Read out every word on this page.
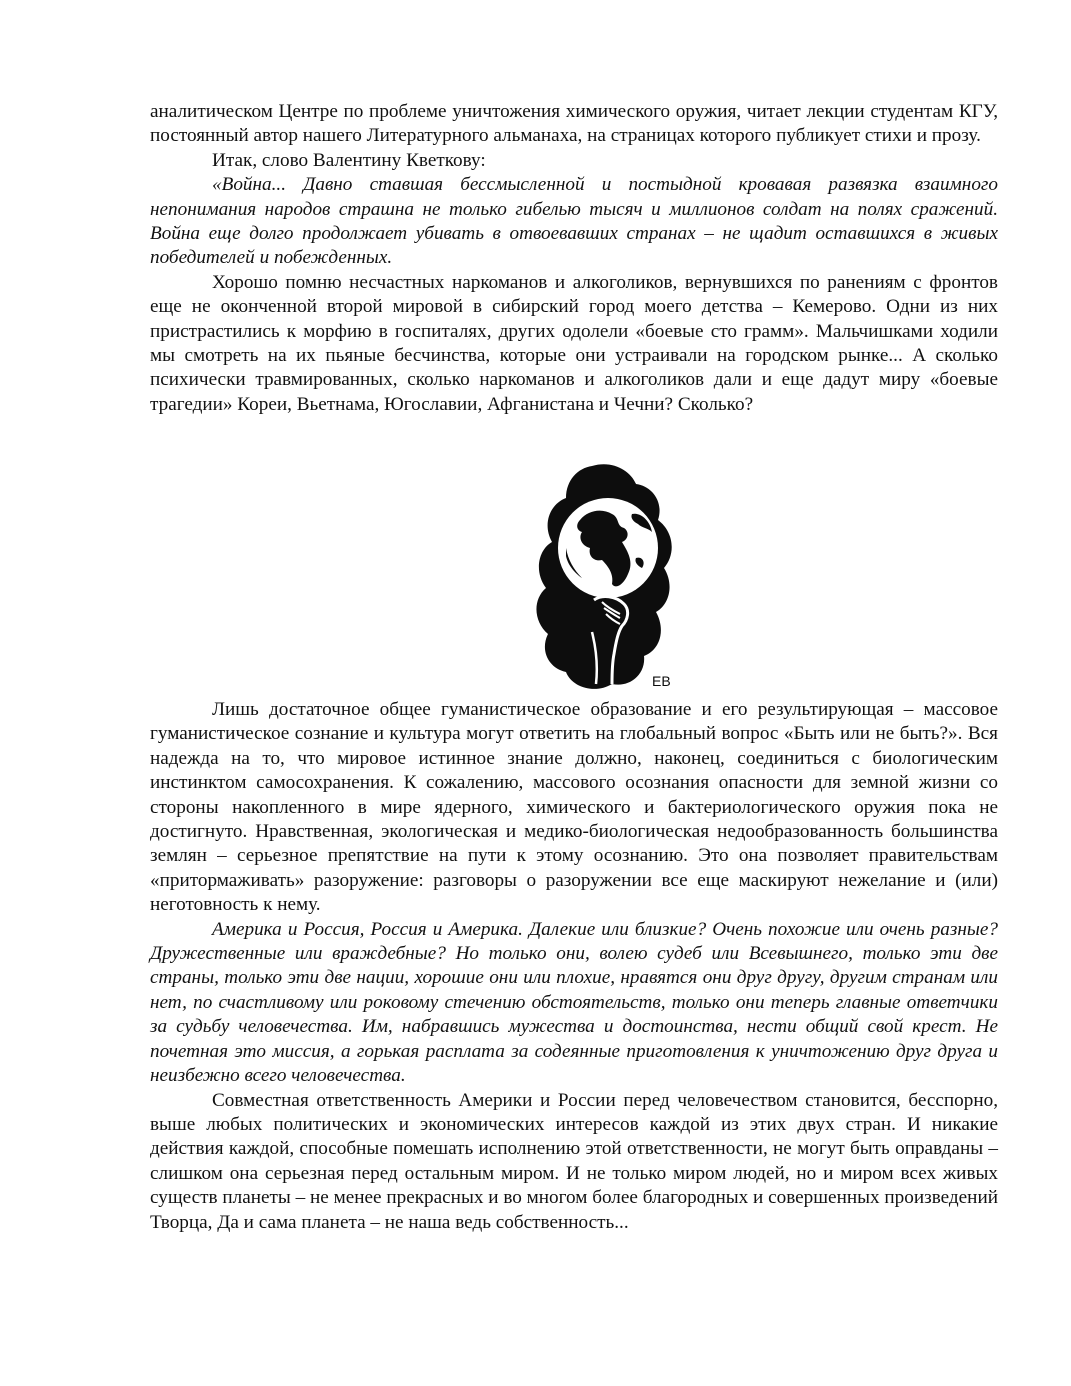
аналитическом Центре по проблеме уничтожения химического оружия, читает лекции студентам КГУ, постоянный автор нашего Литературного альманаха, на страницах которого публикует стихи и прозу.

Итак, слово Валентину Кветкову:

«Война... Давно ставшая бессмысленной и постыдной кровавая развязка взаимного непонимания народов страшна не только гибелью тысяч и миллионов солдат на полях сражений. Война еще долго продолжает убивать в отвоевавших странах – не щадит оставшихся в живых победителей и побежденных.

Хорошо помню несчастных наркоманов и алкоголиков, вернувшихся по ранениям с фронтов еще не оконченной второй мировой в сибирский город моего детства – Кемерово. Одни из них пристрастились к морфию в госпиталях, других одолели «боевые сто грамм». Мальчишками ходили мы смотреть на их пьяные бесчинства, которые они устраивали на городском рынке... А сколько психически травмированных, сколько наркоманов и алкоголиков дали и еще дадут миру «боевые трагедии» Кореи, Вьетнама, Югославии, Афганистана и Чечни? Сколько?

EB

Лишь достаточное общее гуманистическое образование и его результирующая – массовое гуманистическое сознание и культура могут ответить на глобальный вопрос «Быть или не быть?». Вся надежда на то, что мировое истинное знание должно, наконец, соединиться с биологическим инстинктом самосохранения. К сожалению, массового осознания опасности для земной жизни со стороны накопленного в мире ядерного, химического и бактериологического оружия пока не достигнуто. Нравственная, экологическая и медико-биологическая недообразованность большинства землян – серьезное препятствие на пути к этому осознанию. Это она позволяет правительствам «притормаживать» разоружение: разговоры о разоружении все еще маскируют нежелание и (или) неготовность к нему.

Америка и Россия, Россия и Америка. Далекие или близкие? Очень похожие или очень разные? Дружественные или враждебные? Но только они, волею судеб или Всевышнего, только эти две страны, только эти две нации, хорошие они или плохие, нравятся они друг другу, другим странам или нет, по счастливому или роковому стечению обстоятельств, только они теперь главные ответчики за судьбу человечества. Им, набравшись мужества и достоинства, нести общий свой крест. Не почетная это миссия, а горькая расплата за содеянные приготовления к уничтожению друг друга и неизбежно всего человечества.

Совместная ответственность Америки и России перед человечеством становится, бесспорно, выше любых политических и экономических интересов каждой из этих двух стран. И никакие действия каждой, способные помешать исполнению этой ответственности, не могут быть оправданы – слишком она серьезная перед остальным миром. И не только миром людей, но и миром всех живых существ планеты – не менее прекрасных и во многом более благородных и совершенных произведений Творца, Да и сама планета – не наша ведь собственность...
